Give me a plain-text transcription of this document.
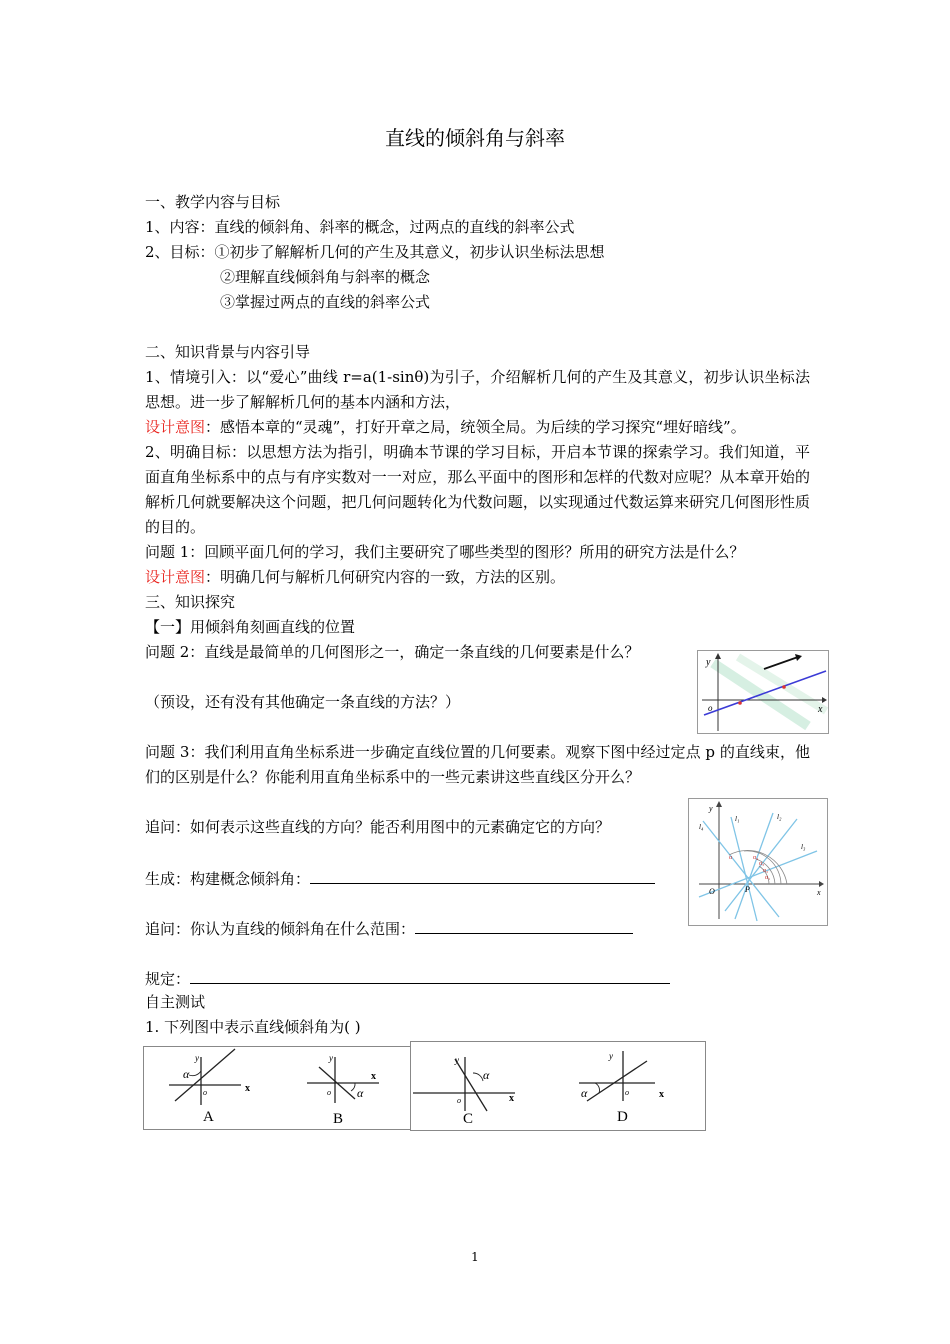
直线的倾斜角与斜率
一、教学内容与目标
1、内容：直线的倾斜角、斜率的概念，过两点的直线的斜率公式
2、目标：①初步了解解析几何的产生及其意义，初步认识坐标法思想
②理解直线倾斜角与斜率的概念
③掌握过两点的直线的斜率公式
二、知识背景与内容引导
1、情境引入：以“爱心”曲线 r=a(1-sinθ)为引子，介绍解析几何的产生及其意义，初步认识坐标法思想。进一步了解解析几何的基本内涵和方法，
设计意图：感悟本章的“灵魂”，打好开章之局，统领全局。为后续的学习探究“埋好暗线”。
2、明确目标：以思想方法为指引，明确本节课的学习目标，开启本节课的探索学习。我们知道，平面直角坐标系中的点与有序实数对一一对应，那么平面中的图形和怎样的代数对应呢？从本章开始的解析几何就要解决这个问题，把几何问题转化为代数问题，以实现通过代数运算来研究几何图形性质的目的。
问题 1：回顾平面几何的学习，我们主要研究了哪些类型的图形？所用的研究方法是什么？
设计意图：明确几何与解析几何研究内容的一致，方法的区别。
三、知识探究
【一】用倾斜角刻画直线的位置
问题 2：直线是最简单的几何图形之一，确定一条直线的几何要素是什么？
（预设，还有没有其他确定一条直线的方法？）
y
x
o
问题 3：我们利用直角坐标系进一步确定直线位置的几何要素。观察下图中经过定点 p 的直线束，他们的区别是什么？你能利用直角坐标系中的一些元素讲这些直线区分开么？
追问：如何表示这些直线的方向？能否利用图中的元素确定它的方向？
α₄
α₃
α₂
α₁
α
y
x
O	P
l₄
l₁	l₂
l₃
生成：构建概念倾斜角：
追问：你认为直线的倾斜角在什么范围：
规定：
自主测试
1. 下列图中表示直线倾斜角为( )
α
y
x
o
A
α
y
x
o
B
α
y
x
o
C
α
y
x
o
D
1
